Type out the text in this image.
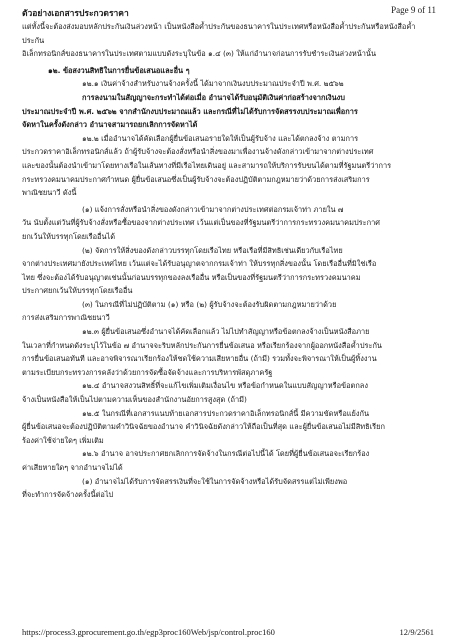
ตัวอย่างเอกสารประกวดราคา	Page 9 of 11

แต่ทั้งนี้จะต้องส่งมอบหลักประกันเงินล่วงหน้า เป็นหนังสือค้ำประกันของธนาคารในประเทศหรือหนังสือค้ำประกันหรือหนังสือค้ำประกัน

อิเล็กทรอนิกส์ของธนาคารในประเทศตามแบบดังระบุในข้อ ๑.๔ (๓) ให้แก่อำนาจก่อนการรับชำระเงินล่วงหน้านั้น

๑๒. ข้อสงวนสิทธิในการยื่นข้อเสนอและอื่น ๆ

๑๒.๑ เงินค่าจ้างสำหรับงานจ้างครั้งนี้ ได้มาจากเงินงบประมาณประจำปี พ.ศ. ๒๕๖๒

การลงนามในสัญญาจะกระทำได้ต่อเมื่อ อำนาจได้รับอนุมัติเงินค่าก่อสร้างจากเงินงบ

ประมาณประจำปี พ.ศ. ๒๕๖๒ จากสำนักงบประมาณแล้ว และกรณีที่ไม่ได้รับการจัดสรรงบประมาณเพื่อการ

จัดหาในครั้งดังกล่าว อำนาจสามารถยกเลิกการจัดหาได้

๑๒.๒ เมื่ออำนาจได้คัดเลือกผู้ยื่นข้อเสนอรายใดให้เป็นผู้รับจ้าง และได้ตกลงจ้าง ตามการ

ประกวดราคาอิเล็กทรอนิกส์แล้ว ถ้าผู้รับจ้างจะต้องสั่งหรือนำสิ่งของมาเพื่องานจ้างดังกล่าวเข้ามาจากต่างประเทศ

และของนั้นต้องนำเข้ามาโดยทางเรือในเส้นทางที่มีเรือไทยเดินอยู่ และสามารถให้บริการรับขนได้ตามที่รัฐมนตรีว่าการ

กระทรวงคมนาคมประกาศกำหนด ผู้ยื่นข้อเสนอซึ่งเป็นผู้รับจ้างจะต้องปฏิบัติตามกฎหมายว่าด้วยการส่งเสริมการ

พาณิชยนาวี ดังนี้

(๑) แจ้งการสั่งหรือนำสิ่งของดังกล่าวเข้ามาจากต่างประเทศต่อกรมเจ้าท่า ภายใน ๗

วัน นับตั้งแต่วันที่ผู้รับจ้างสั่งหรือซื้อของจากต่างประเทศ เว้นแต่เป็นของที่รัฐมนตรีว่าการกระทรวงคมนาคมประกาศ

ยกเว้นให้บรรทุกโดยเรืออื่นได้

(๒) จัดการให้สิ่งของดังกล่าวบรรทุกโดยเรือไทย หรือเรือที่มีสิทธิเช่นเดียวกับเรือไทย

จากต่างประเทศมายังประเทศไทย เว้นแต่จะได้รับอนุญาตจากกรมเจ้าท่า ให้บรรทุกสิ่งของนั้น โดยเรืออื่นที่มิใช่เรือ

ไทย ซึ่งจะต้องได้รับอนุญาตเช่นนั้นก่อนบรรทุกของลงเรืออื่น หรือเป็นของที่รัฐมนตรีว่าการกระทรวงคมนาคม

ประกาศยกเว้นให้บรรทุกโดยเรืออื่น

(๓) ในกรณีที่ไม่ปฏิบัติตาม (๑) หรือ (๒) ผู้รับจ้างจะต้องรับผิดตามกฎหมายว่าด้วย

การส่งเสริมการพาณิชยนาวี

๑๒.๓ ผู้ยื่นข้อเสนอซึ่งอำนาจได้คัดเลือกแล้ว ไม่ไปทำสัญญาหรือข้อตกลงจ้างเป็นหนังสือภาย

ในเวลาที่กำหนดดังระบุไว้ในข้อ ๗ อำนาจจะริบหลักประกันการยื่นข้อเสนอ หรือเรียกร้องจากผู้ออกหนังสือค้ำประกัน

การยื่นข้อเสนอทันที และอาจพิจารณาเรียกร้องให้ชดใช้ความเสียหายอื่น (ถ้ามี) รวมทั้งจะพิจารณาให้เป็นผู้ทิ้งงาน

ตามระเบียบกระทรวงการคลังว่าด้วยการจัดซื้อจัดจ้างและการบริหารพัสดุภาครัฐ

๑๒.๔ อำนาจสงวนสิทธิ์ที่จะแก้ไขเพิ่มเติมเงื่อนไข หรือข้อกำหนดในแบบสัญญาหรือข้อตกลง

จ้างเป็นหนังสือให้เป็นไปตามความเห็นของสำนักงานอัยการสูงสุด (ถ้ามี)

๑๒.๕ ในกรณีที่เอกสารแนบท้ายเอกสารประกวดราคาอิเล็กทรอนิกส์นี้ มีความขัดหรือแย้งกัน

ผู้ยื่นข้อเสนอจะต้องปฏิบัติตามคำวินิจฉัยของอำนาจ คำวินิจฉัยดังกล่าวให้ถือเป็นที่สุด และผู้ยื่นข้อเสนอไม่มีสิทธิเรียก

ร้องค่าใช้จ่ายใดๆ เพิ่มเติม

๑๒.๖ อำนาจ อาจประกาศยกเลิกการจัดจ้างในกรณีต่อไปนี้ได้ โดยที่ผู้ยื่นข้อเสนอจะเรียกร้อง

ค่าเสียหายใดๆ จากอำนาจไม่ได้

(๑) อำนาจไม่ได้รับการจัดสรรเงินที่จะใช้ในการจัดจ้างหรือได้รับจัดสรรแต่ไม่เพียงพอ

ที่จะทำการจัดจ้างครั้งนี้ต่อไป

https://process3.gprocurement.go.th/egp3proc160Web/jsp/control.proc160	12/9/2561
